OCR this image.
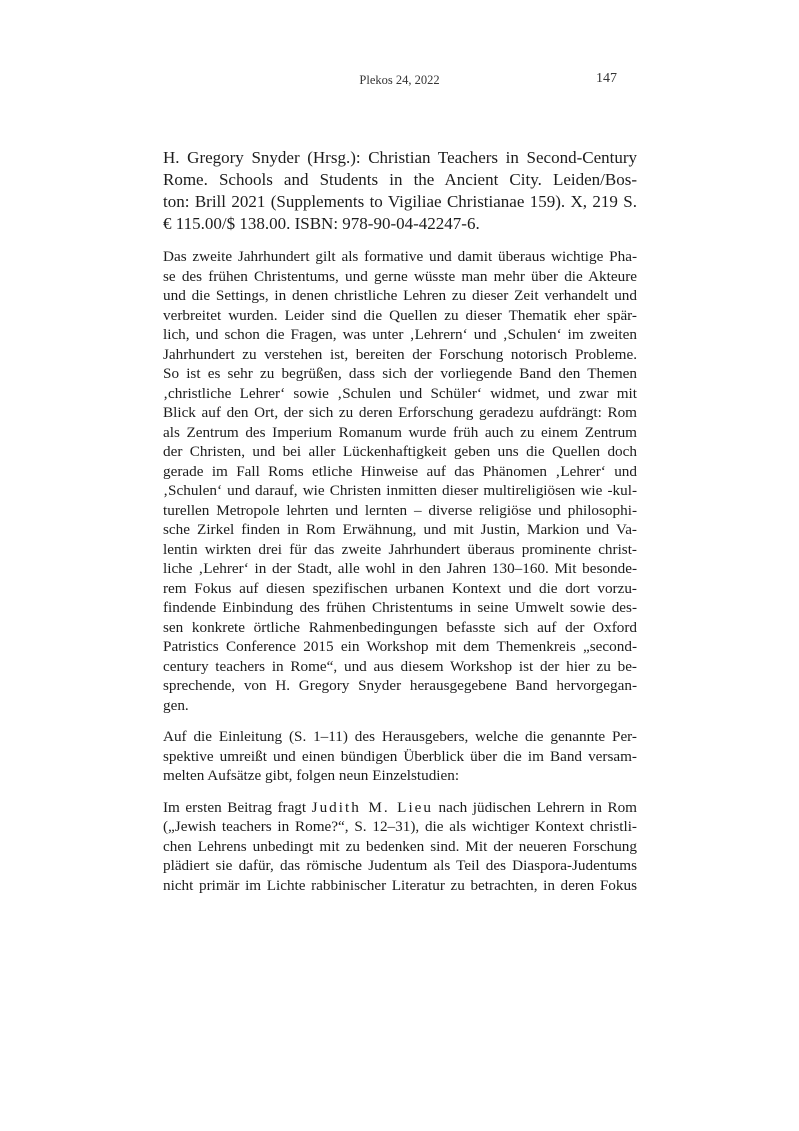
Plekos 24, 2022	147
H. Gregory Snyder (Hrsg.): Christian Teachers in Second-Century
Rome. Schools and Students in the Ancient City. Leiden/Bos-
ton: Brill 2021 (Supplements to Vigiliae Christianae 159). X, 219 S.
€ 115.00/$ 138.00. ISBN: 978-90-04-42247-6.
Das zweite Jahrhundert gilt als formative und damit überaus wichtige Pha-
se des frühen Christentums, und gerne wüsste man mehr über die Akteure
und die Settings, in denen christliche Lehren zu dieser Zeit verhandelt und
verbreitet wurden. Leider sind die Quellen zu dieser Thematik eher spär-
lich, und schon die Fragen, was unter ‚Lehrern‘ und ‚Schulen‘ im zweiten
Jahrhundert zu verstehen ist, bereiten der Forschung notorisch Probleme.
So ist es sehr zu begrüßen, dass sich der vorliegende Band den Themen
‚christliche Lehrer‘ sowie ‚Schulen und Schüler‘ widmet, und zwar mit
Blick auf den Ort, der sich zu deren Erforschung geradezu aufdrängt: Rom
als Zentrum des Imperium Romanum wurde früh auch zu einem Zentrum
der Christen, und bei aller Lückenhaftigkeit geben uns die Quellen doch
gerade im Fall Roms etliche Hinweise auf das Phänomen ‚Lehrer‘ und
‚Schulen‘ und darauf, wie Christen inmitten dieser multireligiösen wie -kul-
turellen Metropole lehrten und lernten – diverse religiöse und philosophi-
sche Zirkel finden in Rom Erwähnung, und mit Justin, Markion und Va-
lentin wirkten drei für das zweite Jahrhundert überaus prominente christ-
liche ‚Lehrer‘ in der Stadt, alle wohl in den Jahren 130–160. Mit besonde-
rem Fokus auf diesen spezifischen urbanen Kontext und die dort vorzu-
findende Einbindung des frühen Christentums in seine Umwelt sowie des-
sen konkrete örtliche Rahmenbedingungen befasste sich auf der Oxford
Patristics Conference 2015 ein Workshop mit dem Themenkreis „second-
century teachers in Rome“, und aus diesem Workshop ist der hier zu be-
sprechende, von H. Gregory Snyder herausgegebene Band hervorgegan-
gen.
Auf die Einleitung (S. 1–11) des Herausgebers, welche die genannte Per-
spektive umreißt und einen bündigen Überblick über die im Band versam-
melten Aufsätze gibt, folgen neun Einzelstudien:
Im ersten Beitrag fragt Judith M. Lieu nach jüdischen Lehrern in Rom
(„Jewish teachers in Rome?“, S. 12–31), die als wichtiger Kontext christli-
chen Lehrens unbedingt mit zu bedenken sind. Mit der neueren Forschung
plädiert sie dafür, das römische Judentum als Teil des Diaspora-Judentums
nicht primär im Lichte rabbinischer Literatur zu betrachten, in deren Fokus
